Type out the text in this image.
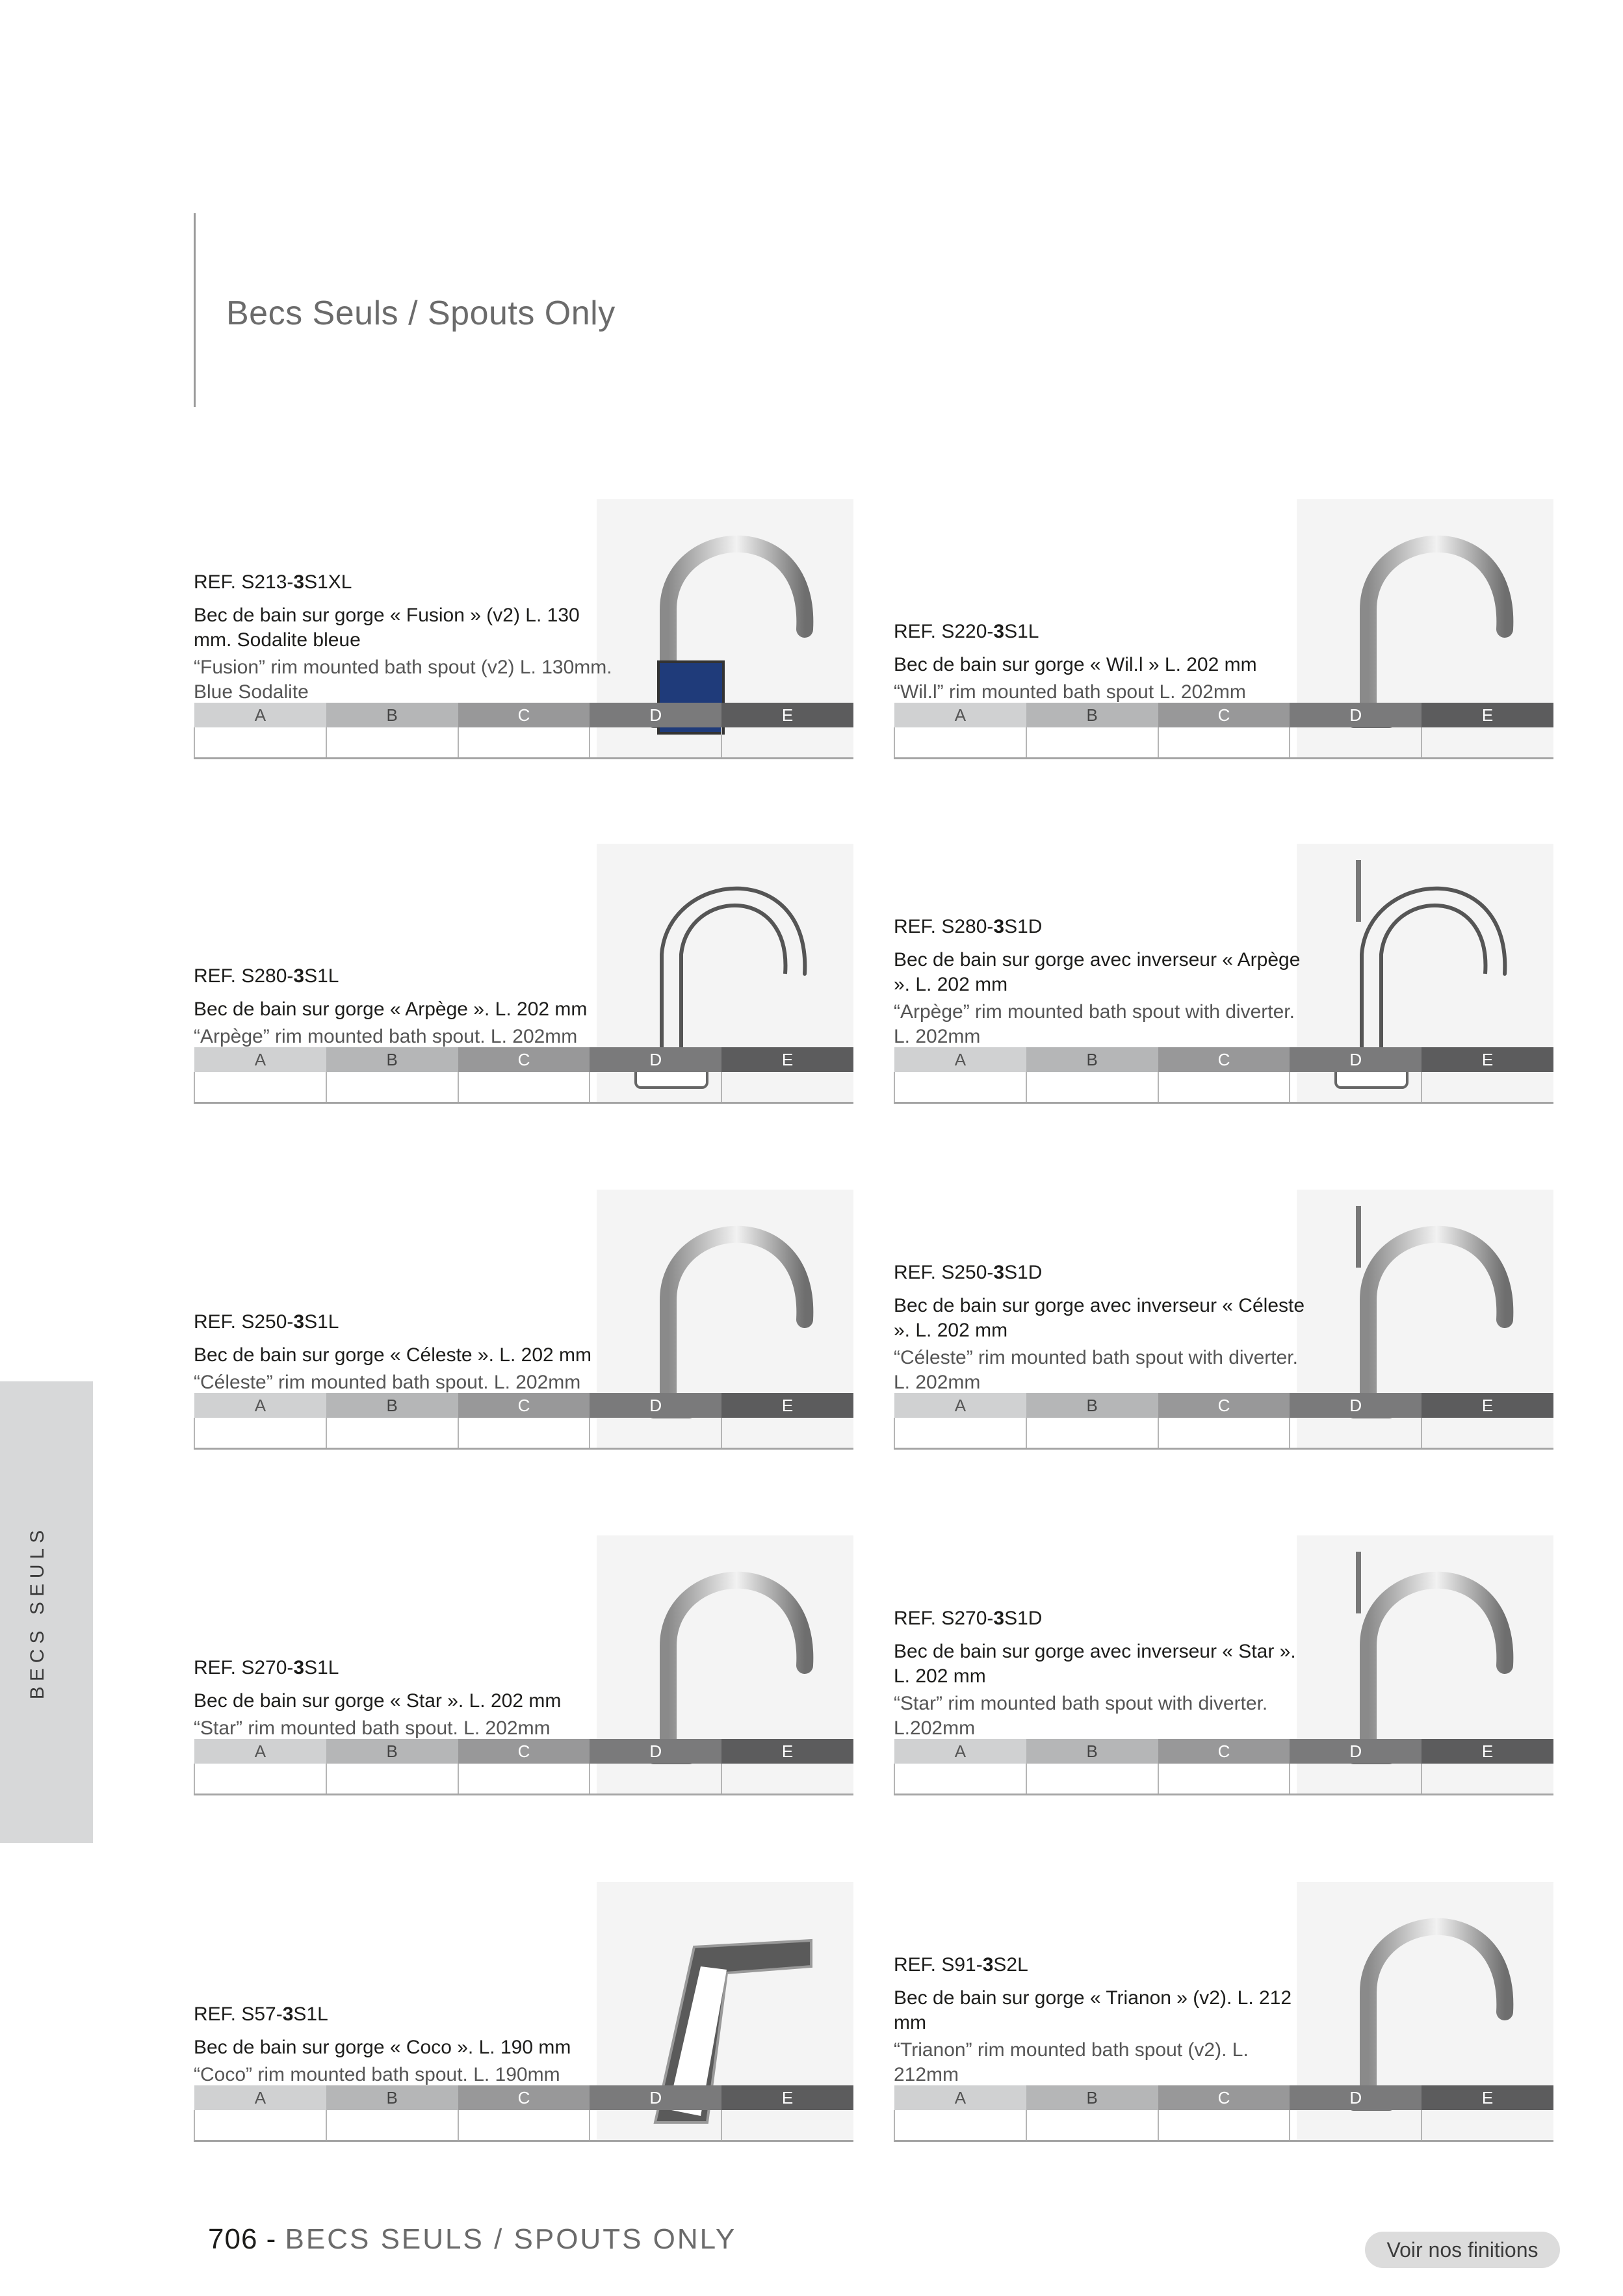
Becs Seuls / Spouts Only
BECS SEULS
REF. S213-3S1XL
Bec de bain sur gorge « Fusion » (v2) L. 130 mm. Sodalite bleue
“Fusion” rim mounted bath spout (v2) L. 130mm. Blue Sodalite
A	B	C	D	E

REF. S220-3S1L
Bec de bain sur gorge « Wil.l » L. 202 mm
“Wil.l” rim mounted bath spout L. 202mm
A	B	C	D	E

REF. S280-3S1L
Bec de bain sur gorge « Arpège ». L. 202 mm
“Arpège” rim mounted bath spout. L. 202mm
A	B	C	D	E

REF. S280-3S1D
Bec de bain sur gorge avec inverseur « Arpège ». L. 202 mm
“Arpège” rim mounted bath spout with diverter. L. 202mm
A	B	C	D	E

REF. S250-3S1L
Bec de bain sur gorge « Céleste ». L. 202 mm
“Céleste” rim mounted bath spout. L. 202mm
A	B	C	D	E

REF. S250-3S1D
Bec de bain sur gorge avec inverseur « Céleste ». L. 202 mm
“Céleste” rim mounted bath spout with diverter. L. 202mm
A	B	C	D	E

REF. S270-3S1L
Bec de bain sur gorge « Star ». L. 202 mm
“Star” rim mounted bath spout. L. 202mm
A	B	C	D	E

REF. S270-3S1D
Bec de bain sur gorge avec inverseur « Star ». L. 202 mm
“Star” rim mounted bath spout with diverter. L.202mm
A	B	C	D	E

REF. S57-3S1L
Bec de bain sur gorge « Coco ». L. 190 mm
“Coco” rim mounted bath spout. L. 190mm
A	B	C	D	E

REF. S91-3S2L
Bec de bain sur gorge « Trianon » (v2). L. 212 mm
“Trianon” rim mounted bath spout (v2). L. 212mm
A	B	C	D	E

706 - BECS SEULS / SPOUTS ONLY	Voir nos finitions
